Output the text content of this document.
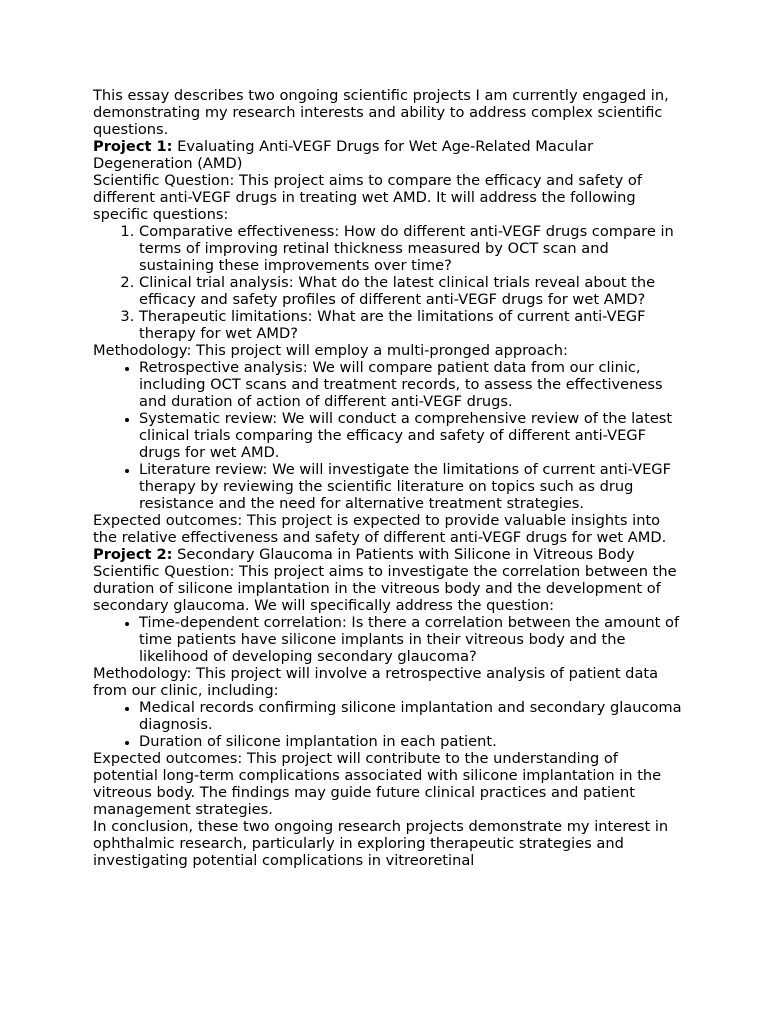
This essay describes two ongoing scientific projects I am currently engaged in, demonstrating my research interests and ability to address complex scientific questions.

Project 1: Evaluating Anti-VEGF Drugs for Wet Age-Related Macular Degeneration (AMD)

Scientific Question: This project aims to compare the efficacy and safety of different anti-VEGF drugs in treating wet AMD. It will address the following specific questions:

1. Comparative effectiveness: How do different anti-VEGF drugs compare in terms of improving retinal thickness measured by OCT scan and sustaining these improvements over time?
2. Clinical trial analysis: What do the latest clinical trials reveal about the efficacy and safety profiles of different anti-VEGF drugs for wet AMD?
3. Therapeutic limitations: What are the limitations of current anti-VEGF therapy for wet AMD?

Methodology: This project will employ a multi-pronged approach:

• Retrospective analysis: We will compare patient data from our clinic, including OCT scans and treatment records, to assess the effectiveness and duration of action of different anti-VEGF drugs.
• Systematic review: We will conduct a comprehensive review of the latest clinical trials comparing the efficacy and safety of different anti-VEGF drugs for wet AMD.
• Literature review: We will investigate the limitations of current anti-VEGF therapy by reviewing the scientific literature on topics such as drug resistance and the need for alternative treatment strategies.

Expected outcomes: This project is expected to provide valuable insights into the relative effectiveness and safety of different anti-VEGF drugs for wet AMD.

Project 2: Secondary Glaucoma in Patients with Silicone in Vitreous Body

Scientific Question: This project aims to investigate the correlation between the duration of silicone implantation in the vitreous body and the development of secondary glaucoma. We will specifically address the question:

• Time-dependent correlation: Is there a correlation between the amount of time patients have silicone implants in their vitreous body and the likelihood of developing secondary glaucoma?

Methodology: This project will involve a retrospective analysis of patient data from our clinic, including:

• Medical records confirming silicone implantation and secondary glaucoma diagnosis.
• Duration of silicone implantation in each patient.

Expected outcomes: This project will contribute to the understanding of potential long-term complications associated with silicone implantation in the vitreous body. The findings may guide future clinical practices and patient management strategies.

In conclusion, these two ongoing research projects demonstrate my interest in ophthalmic research, particularly in exploring therapeutic strategies and investigating potential complications in vitreoretinal
